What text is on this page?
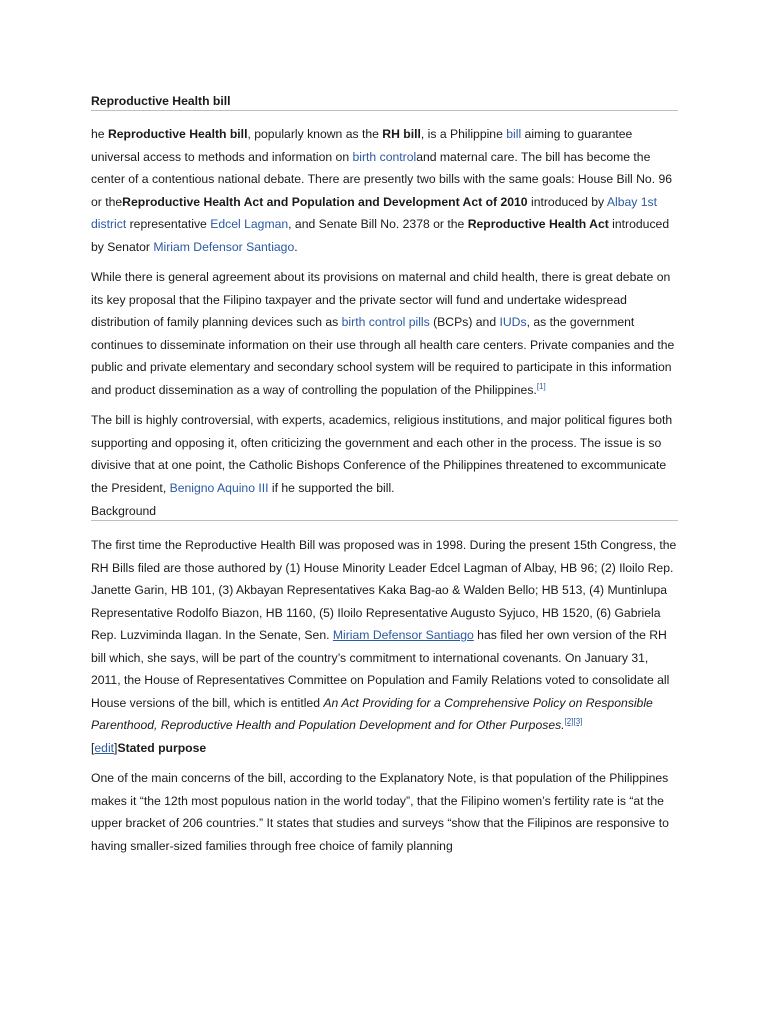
Reproductive Health bill

he Reproductive Health bill, popularly known as the RH bill, is a Philippine bill aiming to guarantee universal access to methods and information on birth controland maternal care. The bill has become the center of a contentious national debate. There are presently two bills with the same goals: House Bill No. 96 or theReproductive Health Act and Population and Development Act of 2010 introduced by Albay 1st district representative Edcel Lagman, and Senate Bill No. 2378 or the Reproductive Health Act introduced by Senator Miriam Defensor Santiago.

While there is general agreement about its provisions on maternal and child health, there is great debate on its key proposal that the Filipino taxpayer and the private sector will fund and undertake widespread distribution of family planning devices such as birth control pills (BCPs) and IUDs, as the government continues to disseminate information on their use through all health care centers. Private companies and the public and private elementary and secondary school system will be required to participate in this information and product dissemination as a way of controlling the population of the Philippines.[1]

The bill is highly controversial, with experts, academics, religious institutions, and major political figures both supporting and opposing it, often criticizing the government and each other in the process. The issue is so divisive that at one point, the Catholic Bishops Conference of the Philippines threatened to excommunicate the President, Benigno Aquino III if he supported the bill.

Background

The first time the Reproductive Health Bill was proposed was in 1998. During the present 15th Congress, the RH Bills filed are those authored by (1) House Minority Leader Edcel Lagman of Albay, HB 96; (2) Iloilo Rep. Janette Garin, HB 101, (3) Akbayan Representatives Kaka Bag-ao & Walden Bello; HB 513, (4) Muntinlupa Representative Rodolfo Biazon, HB 1160, (5) Iloilo Representative Augusto Syjuco, HB 1520, (6) Gabriela Rep. Luzviminda Ilagan. In the Senate, Sen. Miriam Defensor Santiago has filed her own version of the RH bill which, she says, will be part of the country’s commitment to international covenants. On January 31, 2011, the House of Representatives Committee on Population and Family Relations voted to consolidate all House versions of the bill, which is entitled An Act Providing for a Comprehensive Policy on Responsible Parenthood, Reproductive Health and Population Development and for Other Purposes.[2][3]

[edit]Stated purpose

One of the main concerns of the bill, according to the Explanatory Note, is that population of the Philippines makes it “the 12th most populous nation in the world today”, that the Filipino women’s fertility rate is “at the upper bracket of 206 countries.” It states that studies and surveys “show that the Filipinos are responsive to having smaller-sized families through free choice of family planning
